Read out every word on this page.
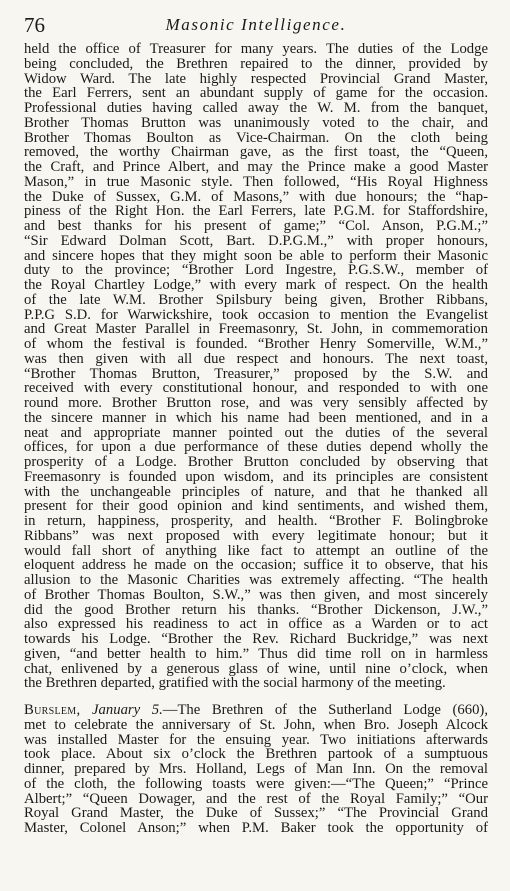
76	Masonic Intelligence.
held the office of Treasurer for many years. The duties of the Lodge
being concluded, the Brethren repaired to the dinner, provided by
Widow Ward. The late highly respected Provincial Grand Master,
the Earl Ferrers, sent an abundant supply of game for the occasion.
Professional duties having called away the W. M. from the banquet,
Brother Thomas Brutton was unanimously voted to the chair, and
Brother Thomas Boulton as Vice-Chairman. On the cloth being
removed, the worthy Chairman gave, as the first toast, the “Queen,
the Craft, and Prince Albert, and may the Prince make a good Master
Mason,” in true Masonic style. Then followed, “His Royal Highness
the Duke of Sussex, G.M. of Masons,” with due honours; the “hap-
piness of the Right Hon. the Earl Ferrers, late P.G.M. for Staffordshire,
and best thanks for his present of game;” “Col. Anson, P.G.M.;”
“Sir Edward Dolman Scott, Bart. D.P.G.M.,” with proper honours,
and sincere hopes that they might soon be able to perform their Masonic
duty to the province; “Brother Lord Ingestre, P.G.S.W., member of
the Royal Chartley Lodge,” with every mark of respect. On the health
of the late W.M. Brother Spilsbury being given, Brother Ribbans,
P.P.G S.D. for Warwickshire, took occasion to mention the Evangelist
and Great Master Parallel in Freemasonry, St. John, in commemoration
of whom the festival is founded. “Brother Henry Somerville, W.M.,”
was then given with all due respect and honours. The next toast,
“Brother Thomas Brutton, Treasurer,” proposed by the S.W. and
received with every constitutional honour, and responded to with one
round more. Brother Brutton rose, and was very sensibly affected by
the sincere manner in which his name had been mentioned, and in a
neat and appropriate manner pointed out the duties of the several
offices, for upon a due performance of these duties depend wholly the
prosperity of a Lodge. Brother Brutton concluded by observing that
Freemasonry is founded upon wisdom, and its principles are consistent
with the unchangeable principles of nature, and that he thanked all
present for their good opinion and kind sentiments, and wished them,
in return, happiness, prosperity, and health. “Brother F. Bolingbroke
Ribbans” was next proposed with every legitimate honour; but it
would fall short of anything like fact to attempt an outline of the
eloquent address he made on the occasion; suffice it to observe, that his
allusion to the Masonic Charities was extremely affecting. “The health
of Brother Thomas Boulton, S.W.,” was then given, and most sincerely
did the good Brother return his thanks. “Brother Dickenson, J.W.,”
also expressed his readiness to act in office as a Warden or to act
towards his Lodge. “Brother the Rev. Richard Buckridge,” was next
given, “and better health to him.” Thus did time roll on in harmless
chat, enlivened by a generous glass of wine, until nine o’clock, when
the Brethren departed, gratified with the social harmony of the meeting.
Burslem, January 5.—The Brethren of the Sutherland Lodge (660),
met to celebrate the anniversary of St. John, when Bro. Joseph Alcock
was installed Master for the ensuing year. Two initiations afterwards
took place. About six o’clock the Brethren partook of a sumptuous
dinner, prepared by Mrs. Holland, Legs of Man Inn. On the removal
of the cloth, the following toasts were given:—“The Queen;” “Prince
Albert;” “Queen Dowager, and the rest of the Royal Family;” “Our
Royal Grand Master, the Duke of Sussex;” “The Provincial Grand
Master, Colonel Anson;” when P.M. Baker took the opportunity of
